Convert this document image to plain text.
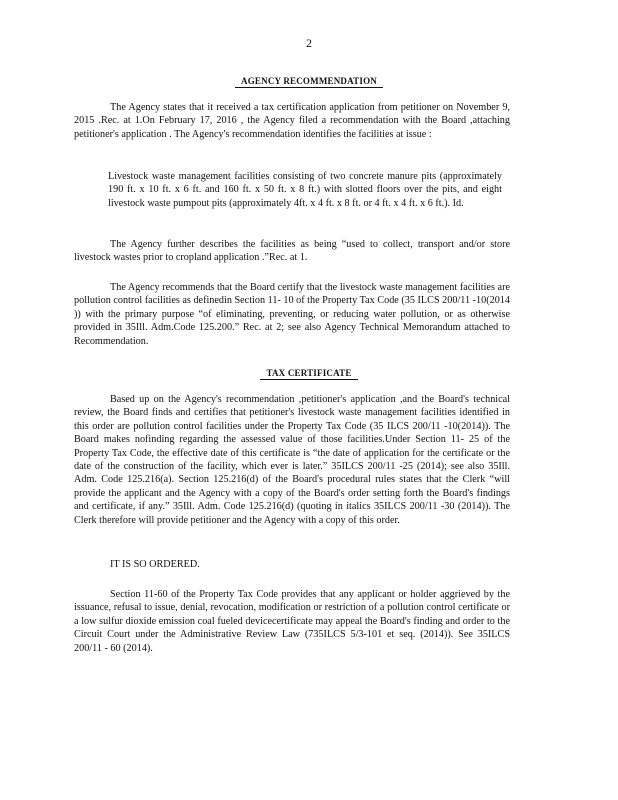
2
AGENCY RECOMMENDATION

The Agency states that it received a tax certification application from petitioner on November 9, 2015 .Rec. at 1.On February 17, 2016 , the Agency filed a recommendation with the Board ,attaching petitioner's application . The Agency's recommendation identifies the facilities at issue :

Livestock waste management facilities consisting of two concrete manure pits (approximately 190 ft. x 10 ft. x 6 ft. and 160 ft. x 50 ft. x 8 ft.) with slotted floors over the pits, and eight livestock waste pumpout pits (approximately 4ft. x 4 ft. x 8 ft. or 4 ft. x 4 ft. x 6 ft.). Id.

The Agency further describes the facilities as being “used to collect, transport and/or store livestock wastes prior to cropland application .”Rec. at 1.

The Agency recommends that the Board certify that the livestock waste management facilities are pollution control facilities as definedin Section 11- 10 of the Property Tax Code (35 ILCS 200/11 -10(2014 )) with the primary purpose “of eliminating, preventing, or reducing water pollution, or as otherwise provided in 35Ill. Adm.Code 125.200.” Rec. at 2; see also Agency Technical Memorandum attached to Recommendation.

TAX CERTIFICATE

Based up on the Agency's recommendation ,petitioner's application ,and the Board's technical review, the Board finds and certifies that petitioner's livestock waste management facilities identified in this order are pollution control facilities under the Property Tax Code (35 ILCS 200/11 -10(2014)). The Board makes nofinding regarding the assessed value of those facilities.Under Section 11- 25 of the Property Tax Code, the effective date of this certificate is “the date of application for the certificate or the date of the construction of the facility, which ever is later.” 35ILCS 200/11 -25 (2014); see also 35Ill. Adm. Code 125.216(a). Section 125.216(d) of the Board's procedural rules states that the Clerk “will provide the applicant and the Agency with a copy of the Board's order setting forth the Board's findings and certificate, if any.” 35Ill. Adm. Code 125.216(d) (quoting in italics 35ILCS 200/11 -30 (2014)). The Clerk therefore will provide petitioner and the Agency with a copy of this order.

IT IS SO ORDERED.

Section 11-60 of the Property Tax Code provides that any applicant or holder aggrieved by the issuance, refusal to issue, denial, revocation, modification or restriction of a pollution control certificate or a low sulfur dioxide emission coal fueled devicecertificate may appeal the Board's finding and order to the Circuit Court under the Administrative Review Law (735ILCS 5/3-101 et seq. (2014)). See 35ILCS 200/11 - 60 (2014).
